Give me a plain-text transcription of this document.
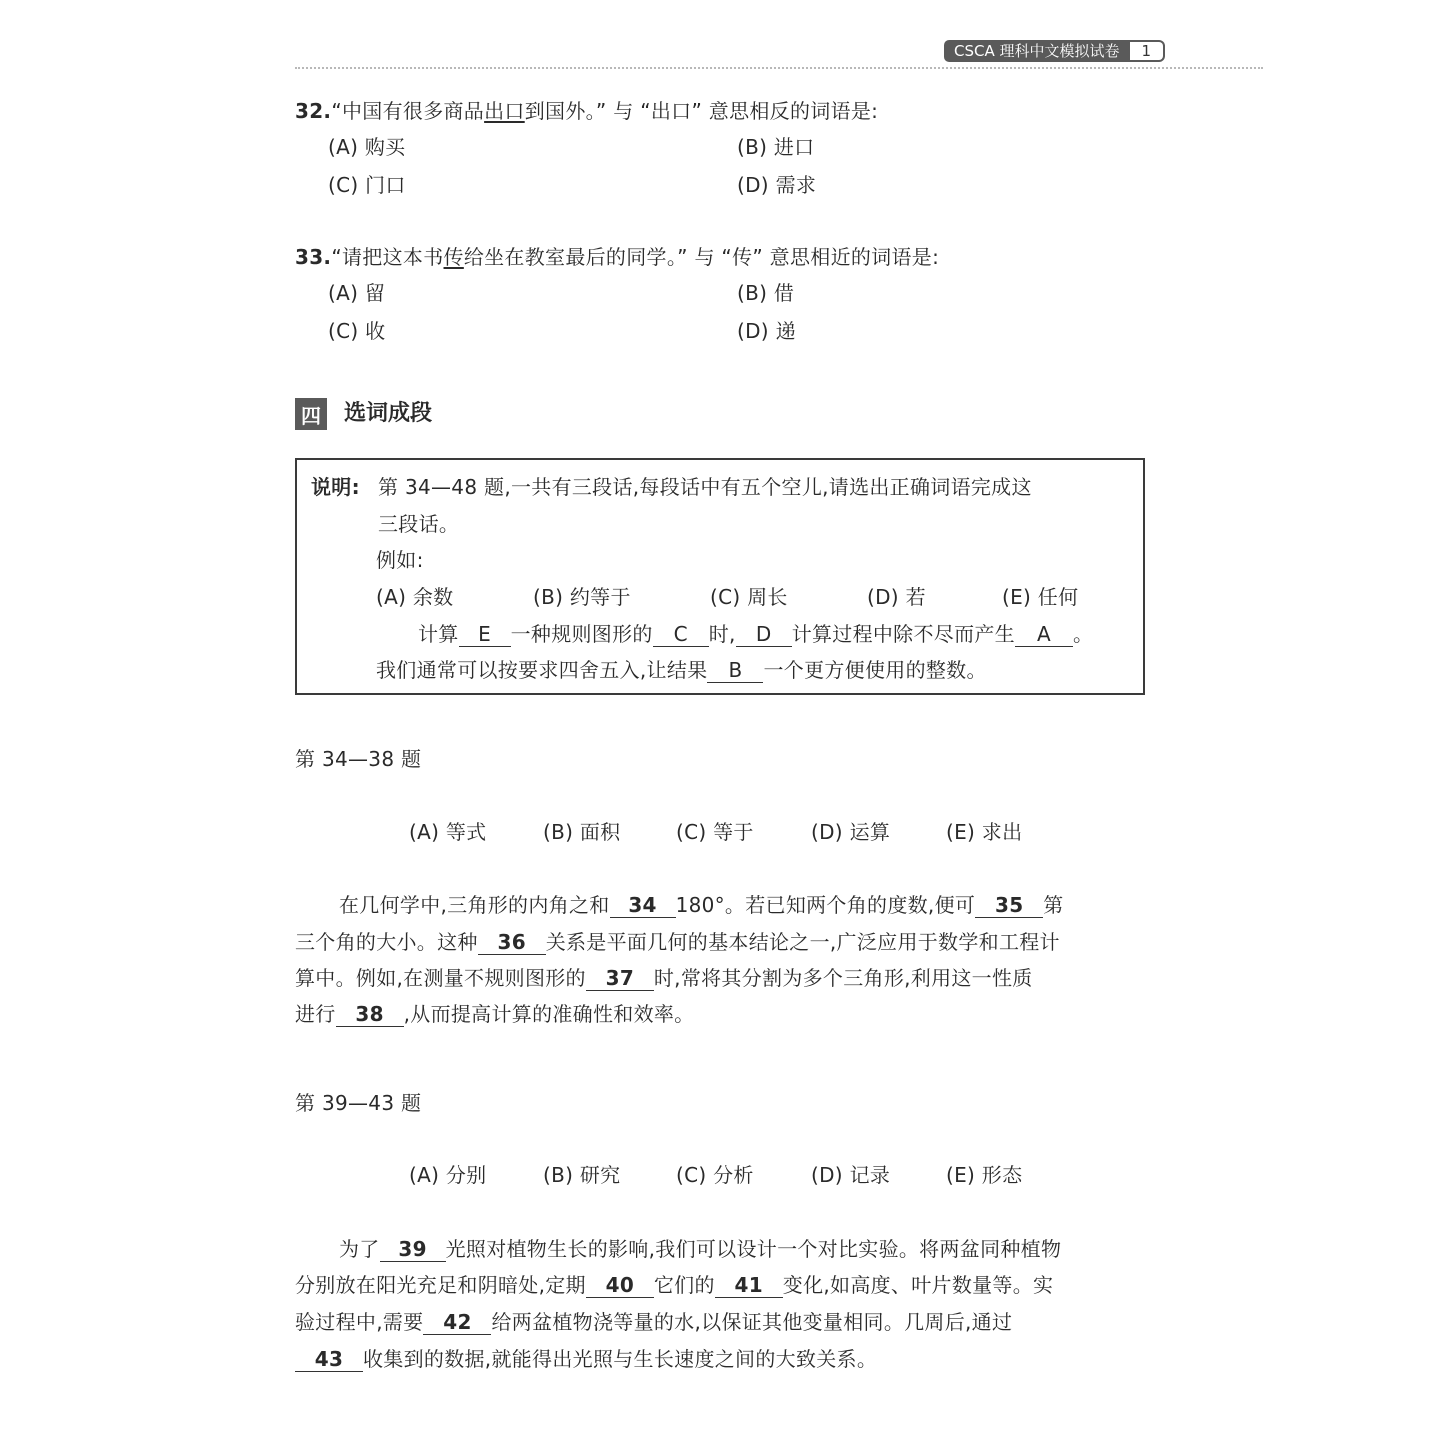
CSCA 理科中文模拟试卷	1
32.“中国有很多商品出口到国外。” 与 “出口” 意思相反的词语是:
(A) 购买	(B) 进口
(C) 门口	(D) 需求
33.“请把这本书传给坐在教室最后的同学。” 与 “传” 意思相近的词语是:
(A) 留	(B) 借
(C) 收	(D) 递
四 选词成段
说明: 第 34—48 题,一共有三段话,每段话中有五个空儿,请选出正确词语完成这
三段话。
例如:
(A) 余数	(B) 约等于	(C) 周长	(D) 若	(E) 任何
计算 E 一种规则图形的 C 时, D 计算过程中除不尽而产生 A 。
我们通常可以按要求四舍五入,让结果 B 一个更方便使用的整数。
第 34—38 题
(A) 等式	(B) 面积	(C) 等于	(D) 运算	(E) 求出
在几何学中,三角形的内角之和 34 180°。若已知两个角的度数,便可 35 第
三个角的大小。这种 36 关系是平面几何的基本结论之一,广泛应用于数学和工程计
算中。例如,在测量不规则图形的 37 时,常将其分割为多个三角形,利用这一性质
进行 38 ,从而提高计算的准确性和效率。
第 39—43 题
(A) 分别	(B) 研究	(C) 分析	(D) 记录	(E) 形态
为了 39 光照对植物生长的影响,我们可以设计一个对比实验。将两盆同种植物
分别放在阳光充足和阴暗处,定期 40 它们的 41 变化,如高度、叶片数量等。实
验过程中,需要 42 给两盆植物浇等量的水,以保证其他变量相同。几周后,通过
43 收集到的数据,就能得出光照与生长速度之间的大致关系。
